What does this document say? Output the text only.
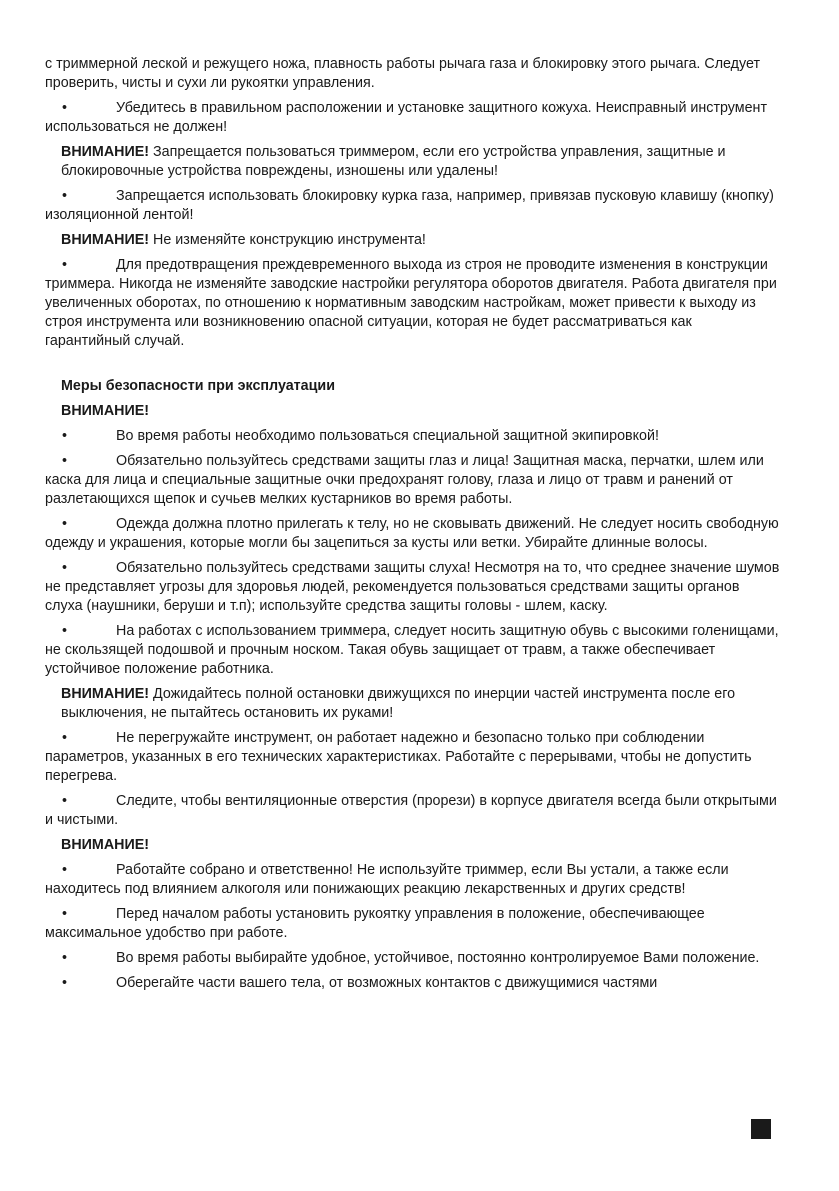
с триммерной леской и режущего ножа, плавность работы рычага газа и блокировку этого рычага. Следует проверить, чисты и сухи ли рукоятки управления.

•	Убедитесь в правильном расположении и установке защитного кожуха. Неисправный инструмент использоваться не должен!

ВНИМАНИЕ! Запрещается пользоваться триммером, если его устройства управления, защитные и блокировочные устройства повреждены, изношены или удалены!

•	Запрещается использовать блокировку курка газа, например, привязав пусковую клавишу (кнопку) изоляционной лентой!

ВНИМАНИЕ! Не изменяйте конструкцию инструмента!

•	Для предотвращения преждевременного выхода из строя не проводите изменения в конструкции триммера. Никогда не изменяйте заводские настройки регулятора оборотов двигателя. Работа двигателя при увеличенных оборотах, по отношению к нормативным заводским настройкам, может привести к выходу из строя инструмента или возникновению опасной ситуации, которая не будет рассматриваться как гарантийный случай.

Меры безопасности при эксплуатации
ВНИМАНИЕ!

•	Во время работы необходимо пользоваться специальной защитной экипировкой!

•	Обязательно пользуйтесь средствами защиты глаз и лица! Защитная маска, перчатки, шлем или каска для лица и специальные защитные очки предохранят голову, глаза и лицо от травм и ранений от разлетающихся щепок и сучьев мелких кустарников во время работы.

•	Одежда должна плотно прилегать к телу, но не сковывать движений. Не следует носить свободную одежду и украшения, которые могли бы зацепиться за кусты или ветки. Убирайте длинные волосы.

•	Обязательно пользуйтесь средствами защиты слуха! Несмотря на то, что среднее значение шумов не представляет угрозы для здоровья людей, рекомендуется пользоваться средствами защиты органов слуха (наушники, беруши и т.п); используйте средства защиты головы - шлем, каску.

•	На работах с использованием триммера, следует носить защитную обувь с высокими голенищами, не скользящей подошвой и прочным носком. Такая обувь защищает от травм, а также обеспечивает устойчивое положение работника.

ВНИМАНИЕ! Дожидайтесь полной остановки движущихся по инерции частей инструмента после его выключения, не пытайтесь остановить их руками!

•	Не перегружайте инструмент, он работает надежно и безопасно только при соблюдении параметров, указанных в его технических характеристиках. Работайте с перерывами, чтобы не допустить перегрева.

•	Следите, чтобы вентиляционные отверстия (прорези) в корпусе двигателя всегда были открытыми и чистыми.

ВНИМАНИЕ!

•	Работайте собрано и ответственно! Не используйте триммер, если Вы устали, а также если находитесь под влиянием алкоголя или понижающих реакцию лекарственных и других средств!

•	Перед началом работы установить рукоятку управления в положение, обеспечивающее максимальное удобство при работе.

•	Во время работы выбирайте удобное, устойчивое, постоянно контролируемое Вами положение.

•	Оберегайте части вашего тела, от возможных контактов с движущимися частями
